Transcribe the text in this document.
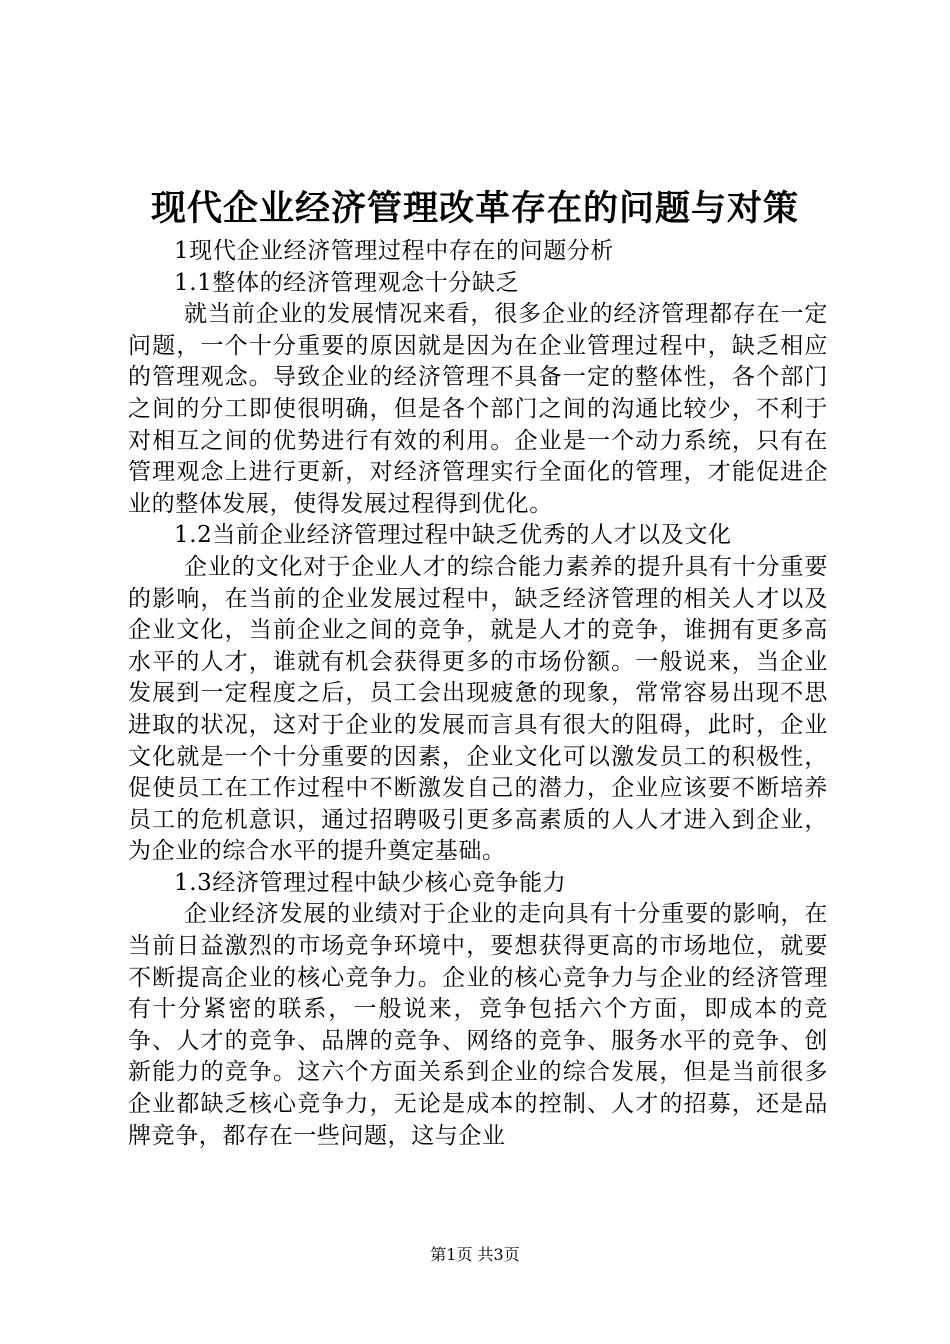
现代企业经济管理改革存在的问题与对策

1现代企业经济管理过程中存在的问题分析

1.1整体的经济管理观念十分缺乏

就当前企业的发展情况来看，很多企业的经济管理都存在一定问题，一个十分重要的原因就是因为在企业管理过程中，缺乏相应的管理观念。导致企业的经济管理不具备一定的整体性，各个部门之间的分工即使很明确，但是各个部门之间的沟通比较少，不利于对相互之间的优势进行有效的利用。企业是一个动力系统，只有在管理观念上进行更新，对经济管理实行全面化的管理，才能促进企业的整体发展，使得发展过程得到优化。

1.2当前企业经济管理过程中缺乏优秀的人才以及文化

企业的文化对于企业人才的综合能力素养的提升具有十分重要的影响，在当前的企业发展过程中，缺乏经济管理的相关人才以及企业文化，当前企业之间的竞争，就是人才的竞争，谁拥有更多高水平的人才，谁就有机会获得更多的市场份额。一般说来，当企业发展到一定程度之后，员工会出现疲惫的现象，常常容易出现不思进取的状况，这对于企业的发展而言具有很大的阻碍，此时，企业文化就是一个十分重要的因素，企业文化可以激发员工的积极性，促使员工在工作过程中不断激发自己的潜力，企业应该要不断培养员工的危机意识，通过招聘吸引更多高素质的人人才进入到企业，为企业的综合水平的提升奠定基础。

1.3经济管理过程中缺少核心竞争能力

企业经济发展的业绩对于企业的走向具有十分重要的影响，在当前日益激烈的市场竞争环境中，要想获得更高的市场地位，就要不断提高企业的核心竞争力。企业的核心竞争力与企业的经济管理有十分紧密的联系，一般说来，竞争包括六个方面，即成本的竞争、人才的竞争、品牌的竞争、网络的竞争、服务水平的竞争、创新能力的竞争。这六个方面关系到企业的综合发展，但是当前很多企业都缺乏核心竞争力，无论是成本的控制、人才的招募，还是品牌竞争，都存在一些问题，这与企业

第1页 共3页
